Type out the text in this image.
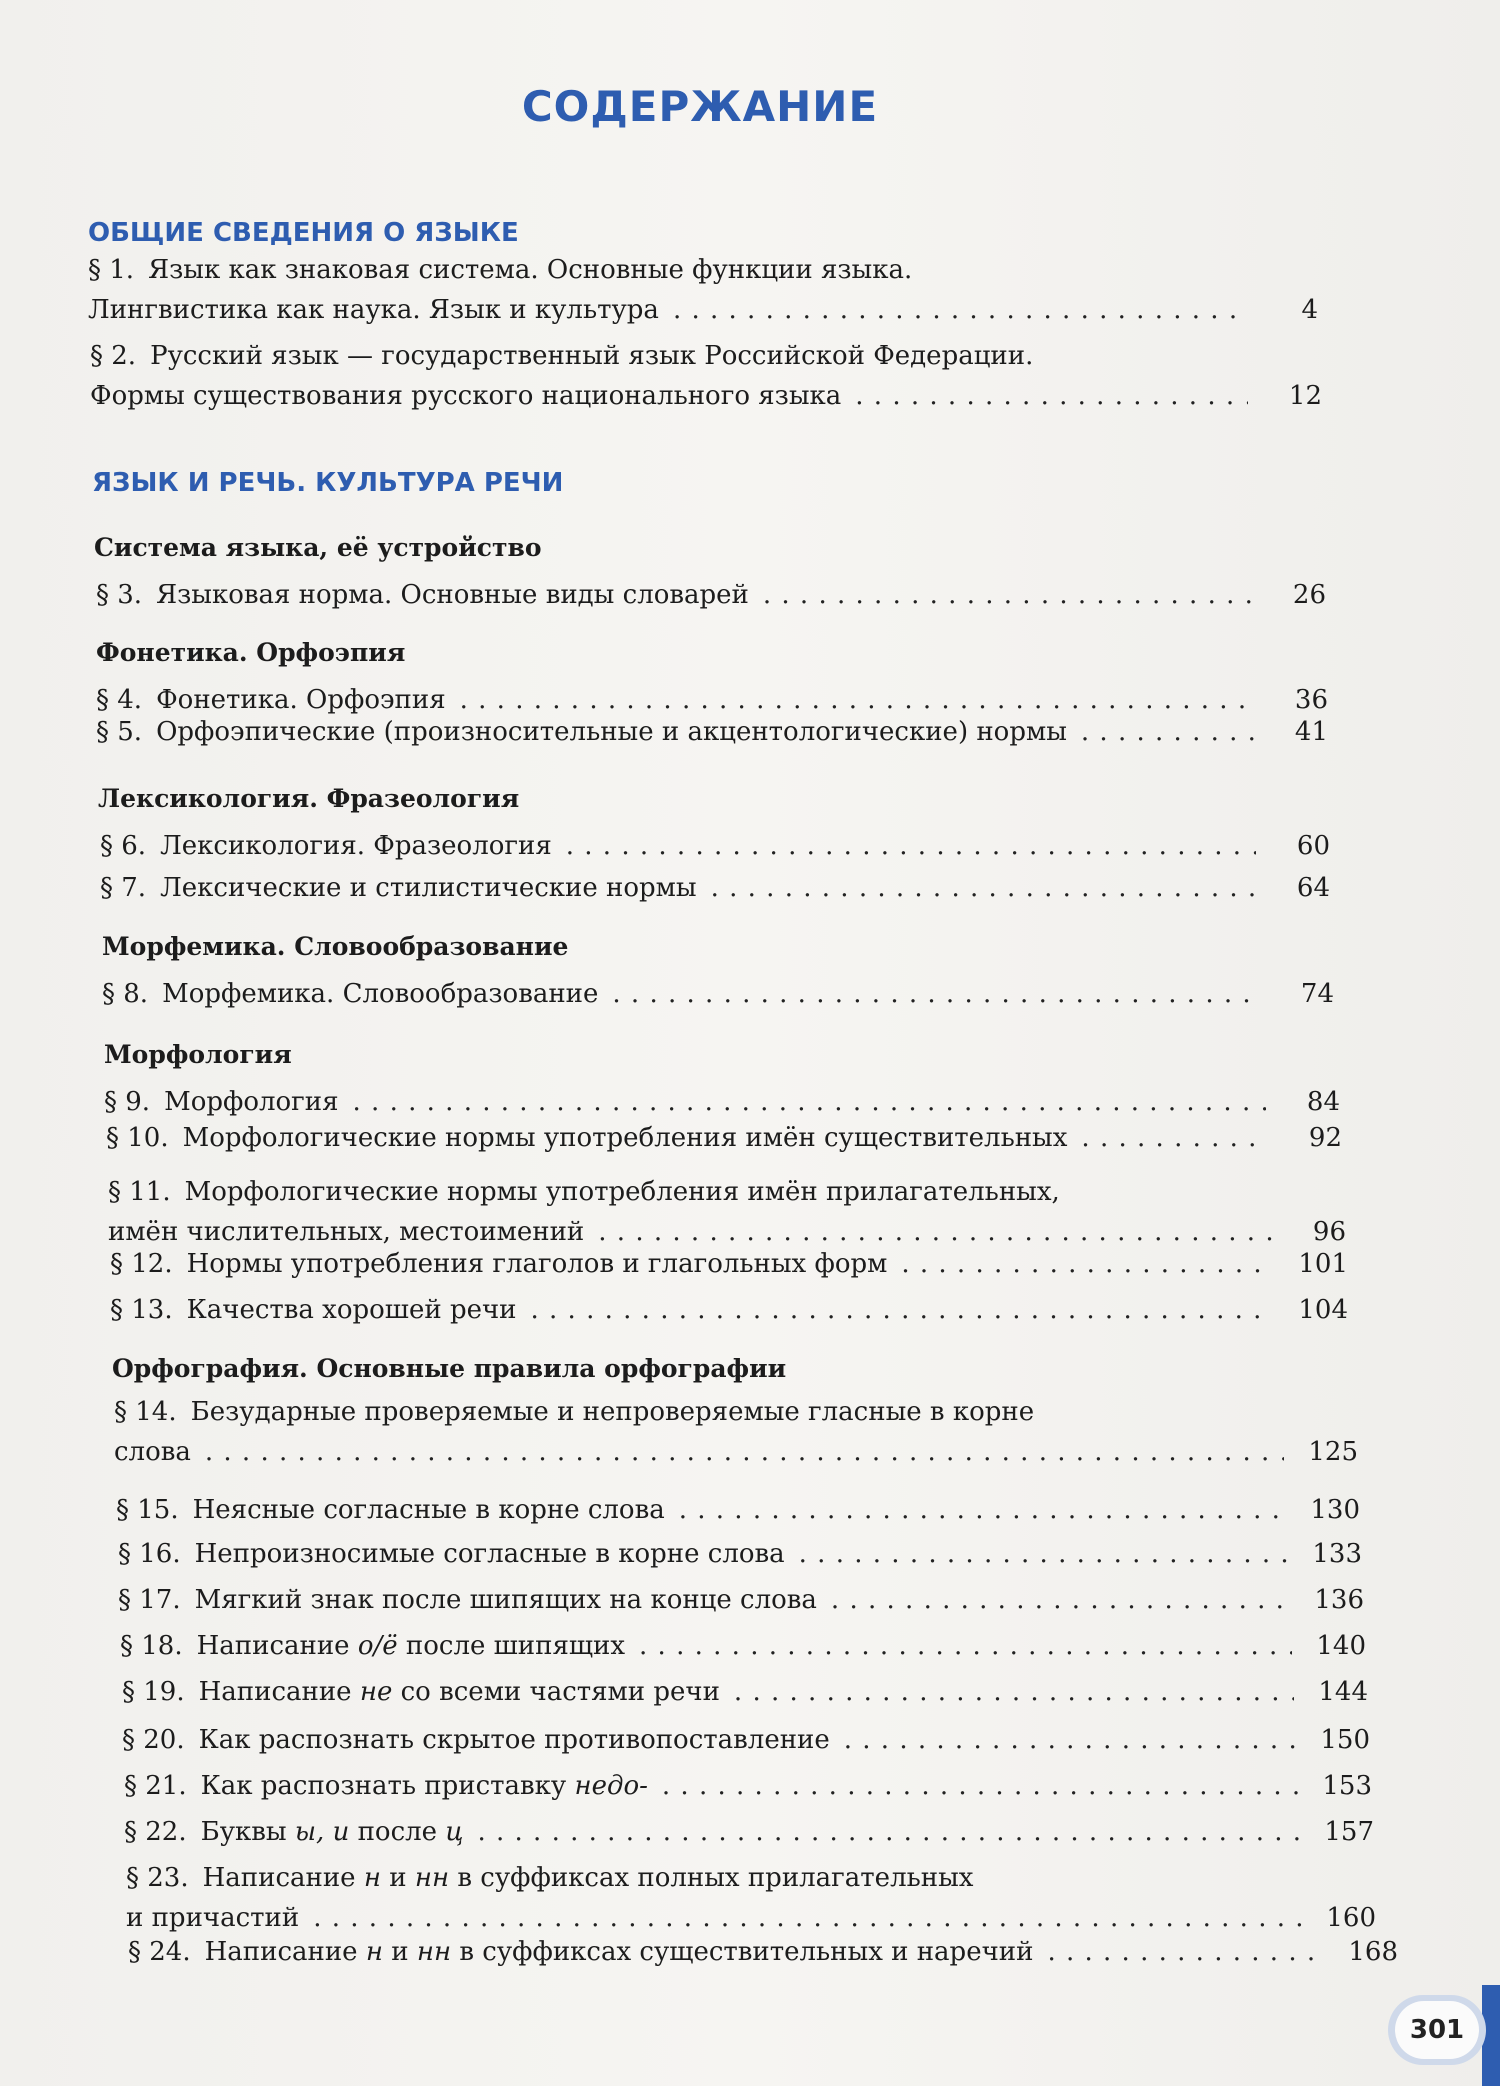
СОДЕРЖАНИЕ
ОБЩИЕ СВЕДЕНИЯ О ЯЗЫКЕ
§ 1. Язык как знаковая система. Основные функции языка.
Лингвистика как наука. Язык и культура . . .	4
§ 2. Русский язык — государственный язык Российской Федерации.
Формы существования русского национального языка . . .	12
ЯЗЫК И РЕЧЬ. КУЛЬТУРА РЕЧИ
Система языка, её устройство
§ 3. Языковая норма. Основные виды словарей . . .	26
Фонетика. Орфоэпия
§ 4. Фонетика. Орфоэпия . . .	36
§ 5. Орфоэпические (произносительные и акцентологические) нормы . . .	41
Лексикология. Фразеология
§ 6. Лексикология. Фразеология . . .	60
§ 7. Лексические и стилистические нормы . . .	64
Морфемика. Словообразование
§ 8. Морфемика. Словообразование . . .	74
Морфология
§ 9. Морфология . . .	84
§ 10. Морфологические нормы употребления имён существительных . . .	92
§ 11. Морфологические нормы употребления имён прилагательных,
имён числительных, местоимений . . .	96
§ 12. Нормы употребления глаголов и глагольных форм . . .	101
§ 13. Качества хорошей речи . . .	104
Орфография. Основные правила орфографии
§ 14. Безударные проверяемые и непроверяемые гласные в корне
слова . . .	125
§ 15. Неясные согласные в корне слова . . .	130
§ 16. Непроизносимые согласные в корне слова . . .	133
§ 17. Мягкий знак после шипящих на конце слова . . .	136
§ 18. Написание о/ё после шипящих . . .	140
§ 19. Написание не со всеми частями речи . . .	144
§ 20. Как распознать скрытое противопоставление . . .	150
§ 21. Как распознать приставку недо- . . .	153
§ 22. Буквы ы, и после ц . . .	157
§ 23. Написание н и нн в суффиксах полных прилагательных
и причастий . . .	160
§ 24. Написание н и нн в суффиксах существительных и наречий . . .	168
301
